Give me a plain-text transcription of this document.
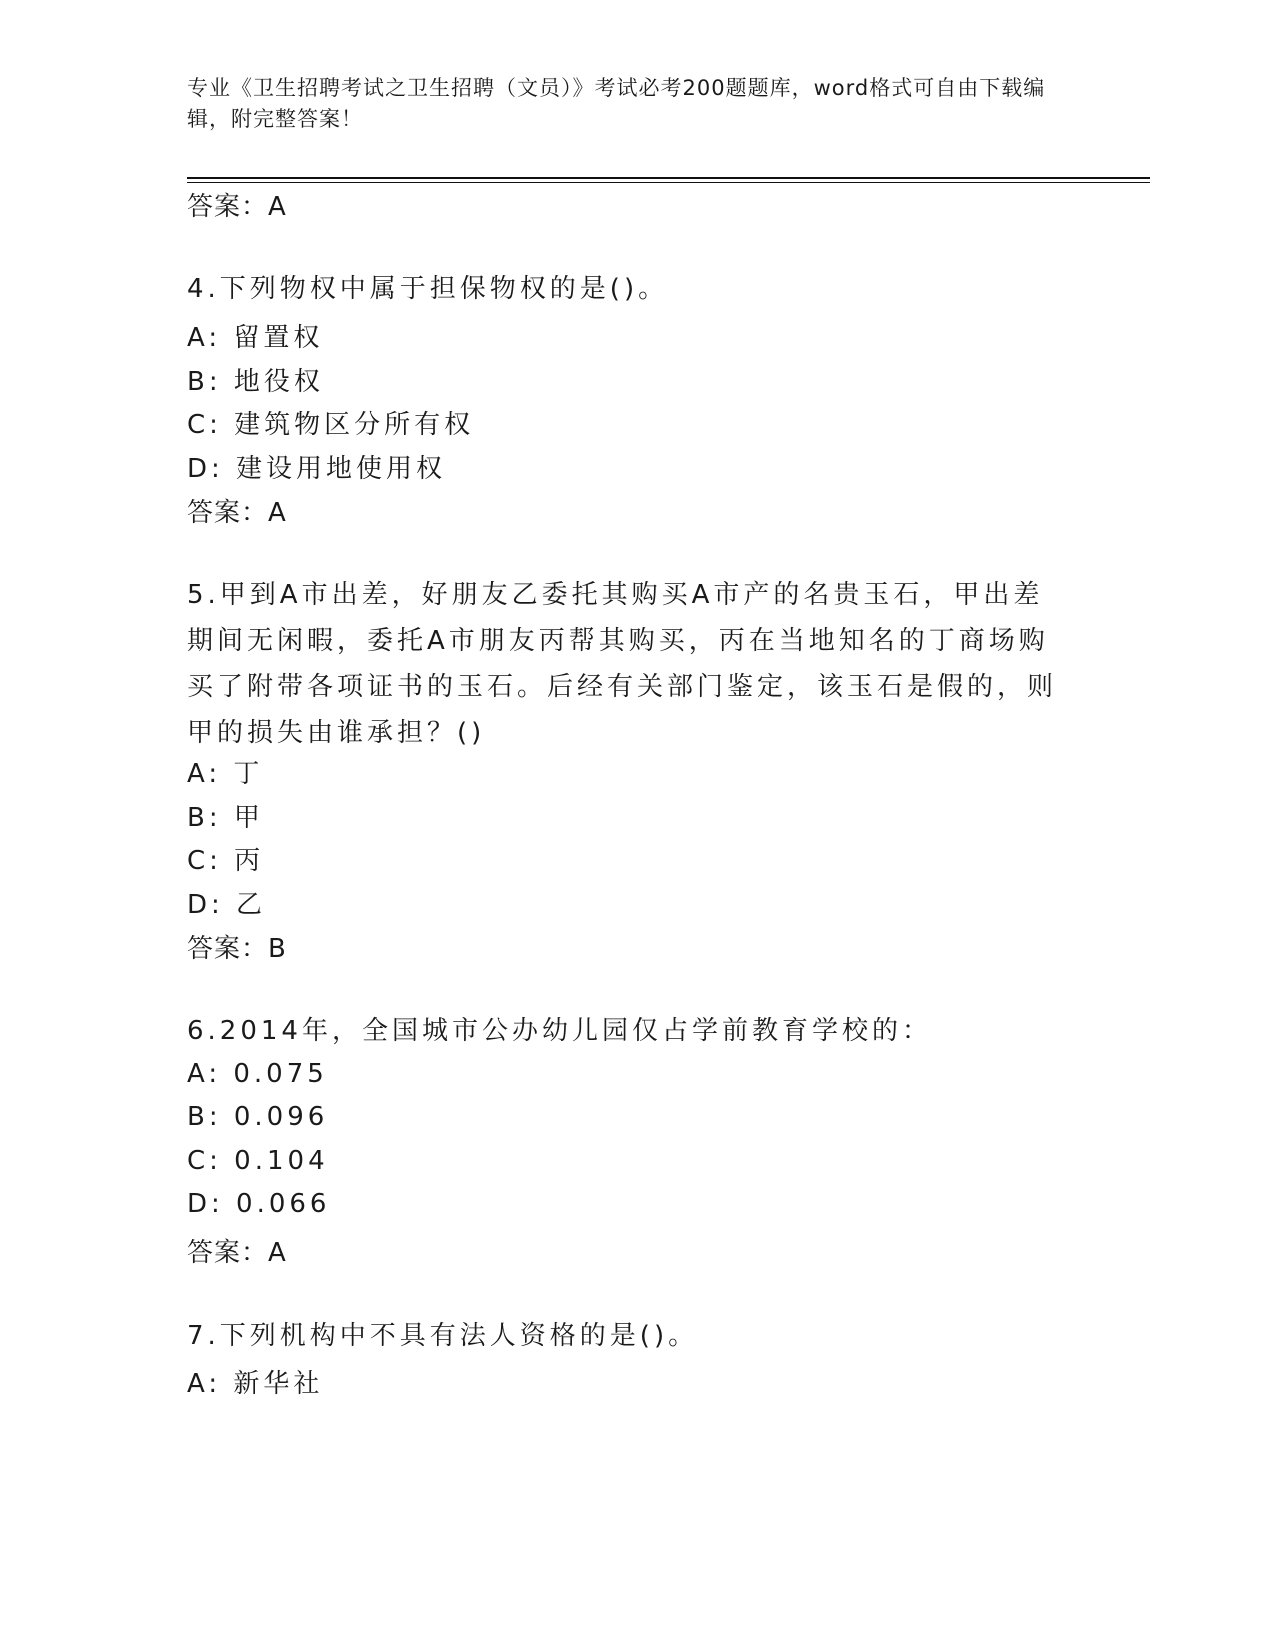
专业《卫生招聘考试之卫生招聘（文员）》考试必考200题题库，word格式可自由下载编辑，附完整答案！
答案：A
4.下列物权中属于担保物权的是()。
A: 留置权
B: 地役权
C: 建筑物区分所有权
D: 建设用地使用权
答案：A
5.甲到A市出差，好朋友乙委托其购买A市产的名贵玉石，甲出差期间无闲暇，委托A市朋友丙帮其购买，丙在当地知名的丁商场购买了附带各项证书的玉石。后经有关部门鉴定，该玉石是假的，则甲的损失由谁承担？()
A: 丁
B: 甲
C: 丙
D: 乙
答案：B
6.2014年，全国城市公办幼儿园仅占学前教育学校的：
A: 0.075
B: 0.096
C: 0.104
D: 0.066
答案：A
7.下列机构中不具有法人资格的是()。
A: 新华社
